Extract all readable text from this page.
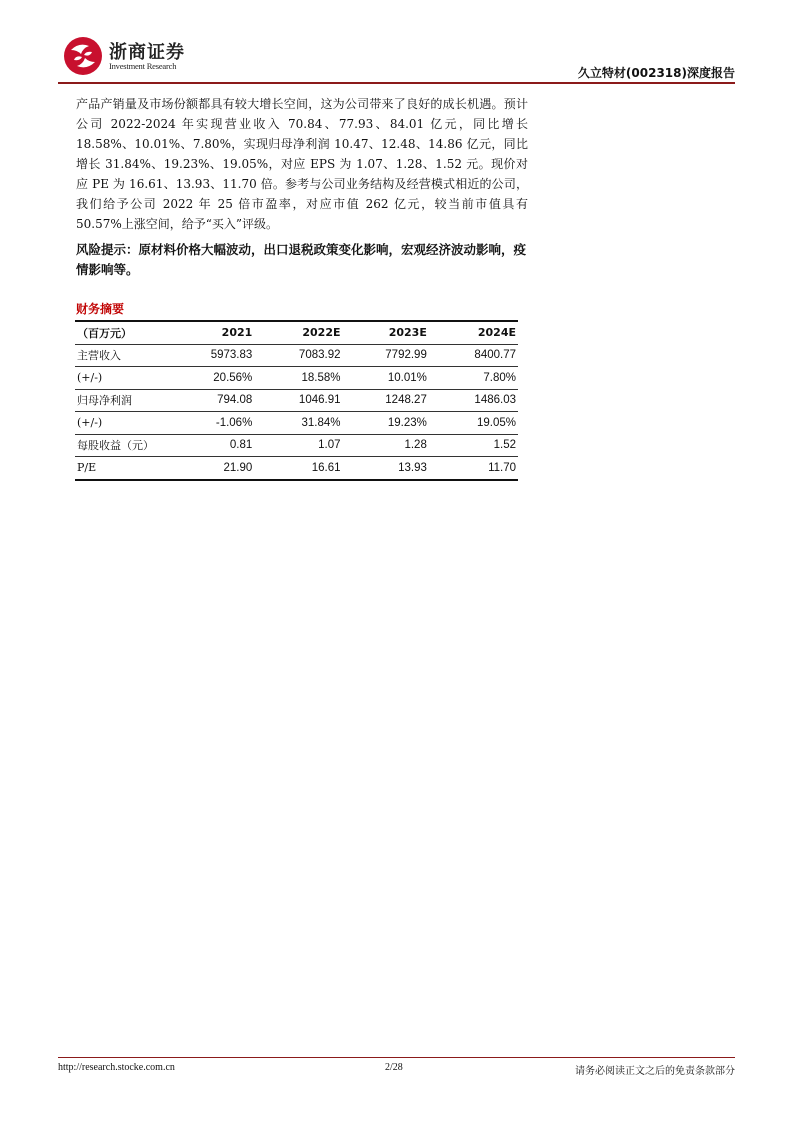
浙商证券
Investment Research	久立特材(002318)深度报告
产品产销量及市场份额都具有较大增长空间，这为公司带来了良好的成长机遇。预计公司 2022-2024 年实现营业收入 70.84、77.93、84.01 亿元，同比增长 18.58%、10.01%、7.80%，实现归母净利润 10.47、12.48、14.86 亿元，同比增长 31.84%、19.23%、19.05%，对应 EPS 为 1.07、1.28、1.52 元。现价对应 PE 为 16.61、13.93、11.70 倍。参考与公司业务结构及经营模式相近的公司，我们给予公司 2022 年 25 倍市盈率，对应市值 262 亿元，较当前市值具有 50.57%上涨空间，给予“买入”评级。
风险提示：原材料价格大幅波动，出口退税政策变化影响，宏观经济波动影响，疫情影响等。
财务摘要
（百万元）	2021	2022E	2023E	2024E
主营收入	5973.83	7083.92	7792.99	8400.77
(+/-)	20.56%	18.58%	10.01%	7.80%
归母净利润	794.08	1046.91	1248.27	1486.03
(+/-)	-1.06%	31.84%	19.23%	19.05%
每股收益（元）	0.81	1.07	1.28	1.52
P/E	21.90	16.61	13.93	11.70
http://research.stocke.com.cn	2/28	请务必阅读正文之后的免责条款部分
